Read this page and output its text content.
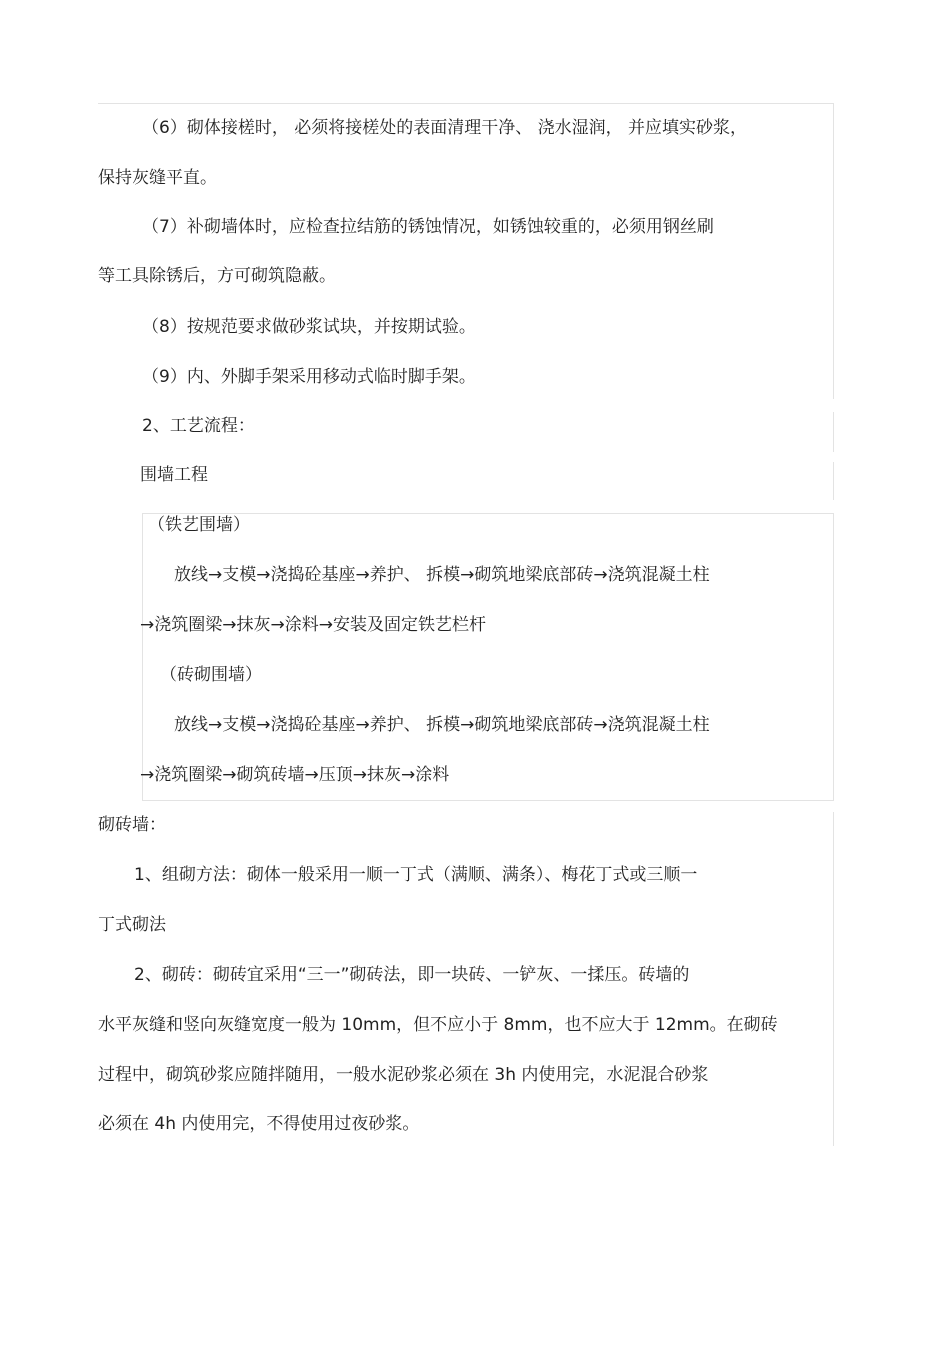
（6）砌体接槎时， 必须将接槎处的表面清理干净、 浇水湿润， 并应填实砂浆，
保持灰缝平直。
（7）补砌墙体时，应检查拉结筋的锈蚀情况，如锈蚀较重的，必须用钢丝刷
等工具除锈后，方可砌筑隐蔽。
（8）按规范要求做砂浆试块，并按期试验。
（9）内、外脚手架采用移动式临时脚手架。
2、工艺流程：
围墙工程
（铁艺围墙）
放线→支模→浇捣砼基座→养护、 拆模→砌筑地梁底部砖→浇筑混凝土柱
→浇筑圈梁→抹灰→涂料→安装及固定铁艺栏杆
（砖砌围墙）
放线→支模→浇捣砼基座→养护、 拆模→砌筑地梁底部砖→浇筑混凝土柱
→浇筑圈梁→砌筑砖墙→压顶→抹灰→涂料
砌砖墙：
1、组砌方法：砌体一般采用一顺一丁式（满顺、满条）、梅花丁式或三顺一
丁式砌法
2、砌砖：砌砖宜采用“三一”砌砖法，即一块砖、一铲灰、一揉压。砖墙的
水平灰缝和竖向灰缝宽度一般为 10mm，但不应小于 8mm，也不应大于 12mm。在砌砖
过程中，砌筑砂浆应随拌随用，一般水泥砂浆必须在 3h 内使用完，水泥混合砂浆
必须在 4h 内使用完，不得使用过夜砂浆。
